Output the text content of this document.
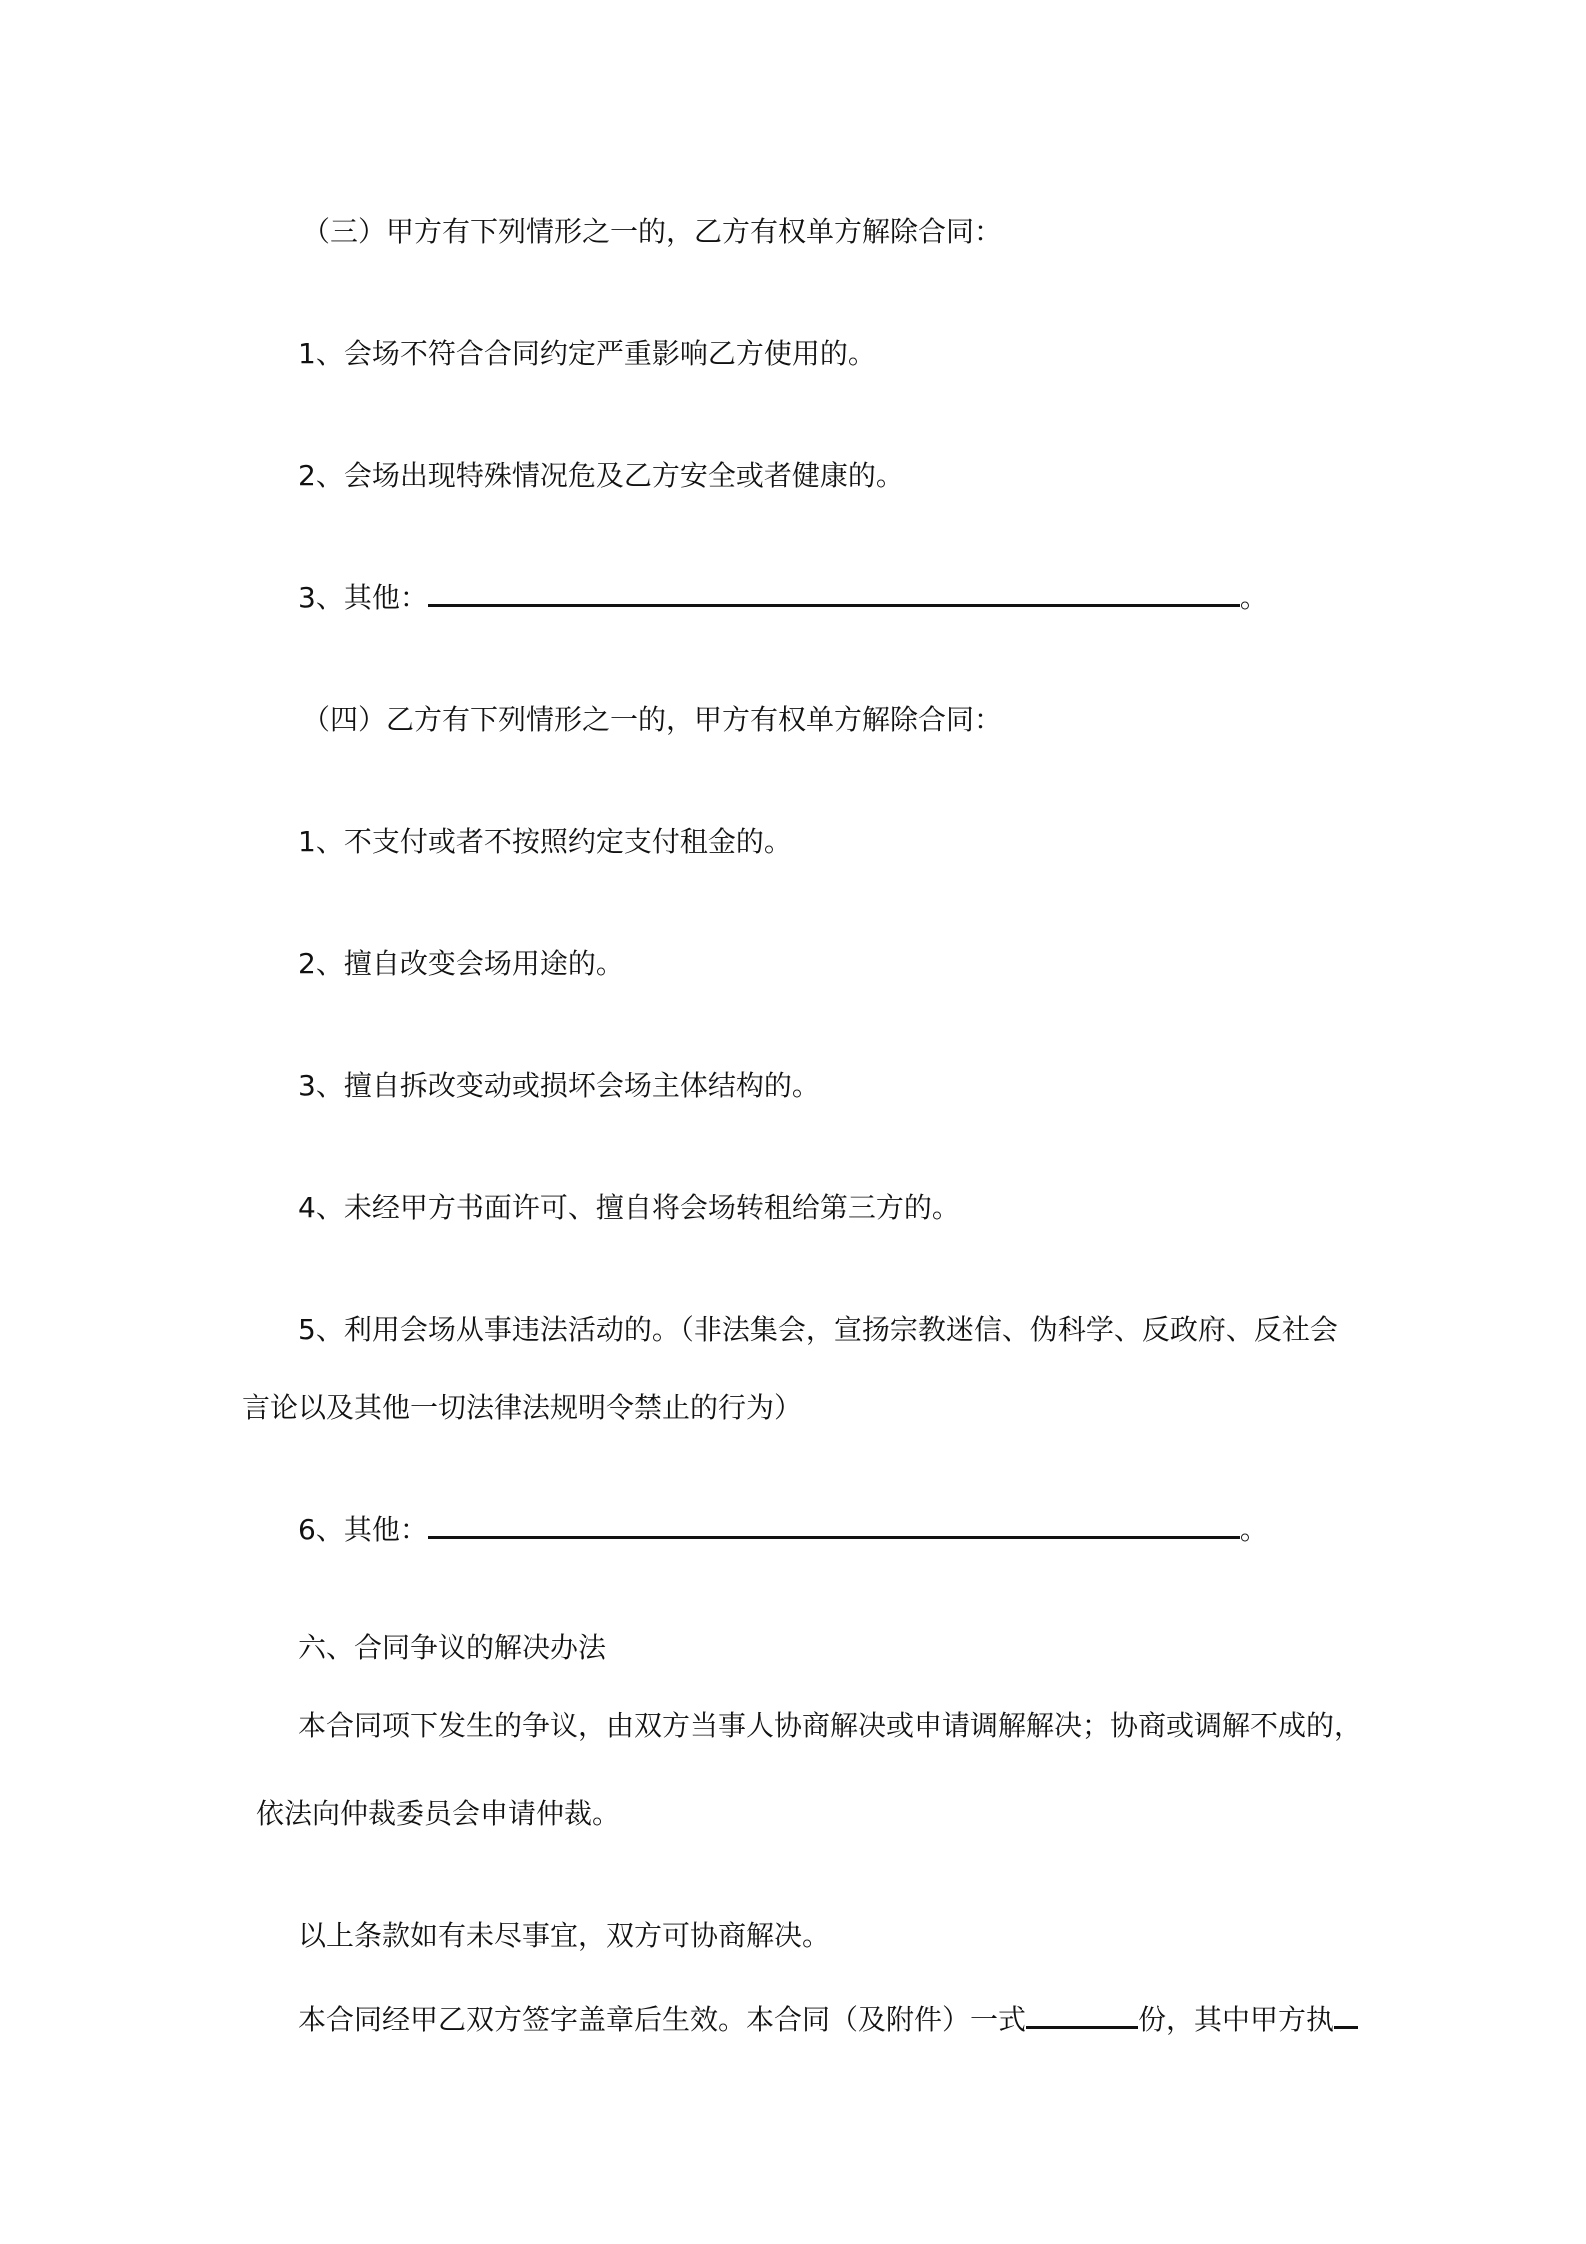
（三）甲方有下列情形之一的，乙方有权单方解除合同：
1、会场不符合合同约定严重影响乙方使用的。
2、会场出现特殊情况危及乙方安全或者健康的。
3、其他：	。
（四）乙方有下列情形之一的，甲方有权单方解除合同：
1、不支付或者不按照约定支付租金的。
2、擅自改变会场用途的。
3、擅自拆改变动或损坏会场主体结构的。
4、未经甲方书面许可、擅自将会场转租给第三方的。
5、利用会场从事违法活动的。（非法集会，宣扬宗教迷信、伪科学、反政府、反社会
言论以及其他一切法律法规明令禁止的行为）
6、其他：	。
六、合同争议的解决办法
本合同项下发生的争议，由双方当事人协商解决或申请调解解决；协商或调解不成的，
依法向仲裁委员会申请仲裁。
以上条款如有未尽事宜，双方可协商解决。
本合同经甲乙双方签字盖章后生效。本合同（及附件）一式	份，其中甲方执
